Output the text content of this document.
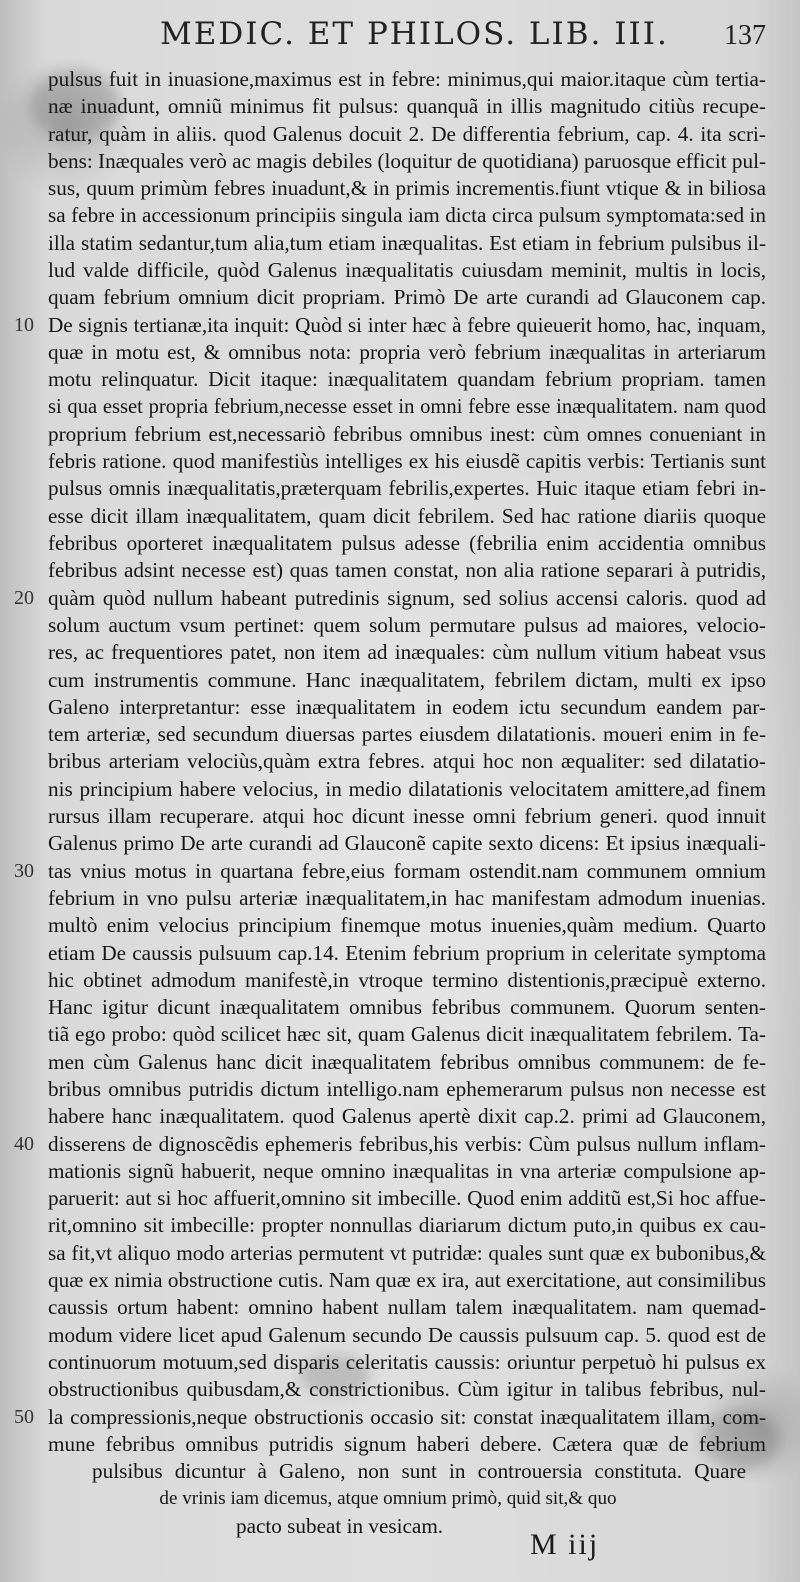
MEDIC. ET PHILOS. LIB. III. 137
pulsus fuit in inuasione,maximus est in febre: minimus,qui maior.itaque cùm tertia-
næ inuadunt, omniũ minimus fit pulsus: quanquã in illis magnitudo citiùs recupe-
ratur, quàm in aliis. quod Galenus docuit 2. De differentia febrium, cap. 4. ita scri-
bens: Inæquales verò ac magis debiles (loquitur de quotidiana) paruosque efficit pul-
sus, quum primùm febres inuadunt,& in primis incrementis.fiunt vtique & in biliosa
sa febre in accessionum principiis singula iam dicta circa pulsum symptomata:sed in
illa statim sedantur,tum alia,tum etiam inæqualitas. Est etiam in febrium pulsibus il-
lud valde difficile, quòd Galenus inæqualitatis cuiusdam meminit, multis in locis,
quam febrium omnium dicit propriam. Primò De arte curandi ad Glauconem cap.
10 De signis tertianæ,ita inquit: Quòd si inter hæc à febre quieuerit homo, hac, inquam,
quæ in motu est, & omnibus nota: propria verò febrium inæqualitas in arteriarum
motu relinquatur. Dicit itaque: inæqualitatem quandam febrium propriam. tamen
si qua esset propria febrium,necesse esset in omni febre esse inæqualitatem. nam quod
proprium febrium est,necessariò febribus omnibus inest: cùm omnes conueniant in
febris ratione. quod manifestiùs intelliges ex his eiusdẽ capitis verbis: Tertianis sunt
pulsus omnis inæqualitatis,præterquam febrilis,expertes. Huic itaque etiam febri in-
esse dicit illam inæqualitatem, quam dicit febrilem. Sed hac ratione diariis quoque
febribus oporteret inæqualitatem pulsus adesse (febrilia enim accidentia omnibus
febribus adsint necesse est) quas tamen constat, non alia ratione separari à putridis,
20 quàm quòd nullum habeant putredinis signum, sed solius accensi caloris. quod ad
solum auctum vsum pertinet: quem solum permutare pulsus ad maiores, velocio-
res, ac frequentiores patet, non item ad inæquales: cùm nullum vitium habeat vsus
cum instrumentis commune. Hanc inæqualitatem, febrilem dictam, multi ex ipso
Galeno interpretantur: esse inæqualitatem in eodem ictu secundum eandem par-
tem arteriæ, sed secundum diuersas partes eiusdem dilatationis. moueri enim in fe-
bribus arteriam velociùs,quàm extra febres. atqui hoc non æqualiter: sed dilatatio-
nis principium habere velocius, in medio dilatationis velocitatem amittere,ad finem
rursus illam recuperare. atqui hoc dicunt inesse omni febrium generi. quod innuit
Galenus primo De arte curandi ad Glauconẽ capite sexto dicens: Et ipsius inæquali-
30 tas vnius motus in quartana febre,eius formam ostendit.nam communem omnium
febrium in vno pulsu arteriæ inæqualitatem,in hac manifestam admodum inuenias.
multò enim velocius principium finemque motus inuenies,quàm medium. Quarto
etiam De caussis pulsuum cap.14. Etenim febrium proprium in celeritate symptoma
hic obtinet admodum manifestè,in vtroque termino distentionis,præcipuè externo.
Hanc igitur dicunt inæqualitatem omnibus febribus communem. Quorum senten-
tiã ego probo: quòd scilicet hæc sit, quam Galenus dicit inæqualitatem febrilem. Ta-
men cùm Galenus hanc dicit inæqualitatem febribus omnibus communem: de fe-
bribus omnibus putridis dictum intelligo.nam ephemerarum pulsus non necesse est
habere hanc inæqualitatem. quod Galenus apertè dixit cap.2. primi ad Glauconem,
40 disserens de dignoscẽdis ephemeris febribus,his verbis: Cùm pulsus nullum inflam-
mationis signũ habuerit, neque omnino inæqualitas in vna arteriæ compulsione ap-
paruerit: aut si hoc affuerit,omnino sit imbecille. Quod enim additũ est,Si hoc affue-
rit,omnino sit imbecille: propter nonnullas diariarum dictum puto,in quibus ex cau-
sa fit,vt aliquo modo arterias permutent vt putridæ: quales sunt quæ ex bubonibus,&
quæ ex nimia obstructione cutis. Nam quæ ex ira, aut exercitatione, aut consimilibus
caussis ortum habent: omnino habent nullam talem inæqualitatem. nam quemad-
modum videre licet apud Galenum secundo De caussis pulsuum cap. 5. quod est de
continuorum motuum,sed disparis celeritatis caussis: oriuntur perpetuò hi pulsus ex
obstructionibus quibusdam,& constrictionibus. Cùm igitur in talibus febribus, nul-
50 la compressionis,neque obstructionis occasio sit: constat inæqualitatem illam, com-
mune febribus omnibus putridis signum haberi debere. Cætera quæ de febrium
pulsibus dicuntur à Galeno, non sunt in controuersia constituta. Quare
de vrinis iam dicemus, atque omnium primò, quid sit,& quo
pacto subeat in vesicam.
M iij
